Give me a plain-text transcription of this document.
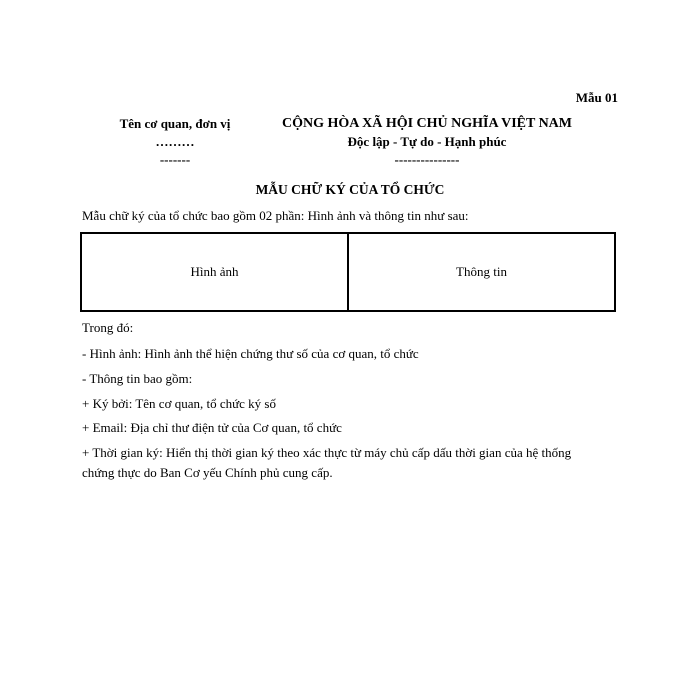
Mẫu 01
Tên cơ quan, đơn vị
………
-------
CỘNG HÒA XÃ HỘI CHỦ NGHĨA VIỆT NAM
Độc lập - Tự do - Hạnh phúc
---------------
MẪU CHỮ KÝ CỦA TỔ CHỨC
Mẫu chữ ký của tổ chức bao gồm 02 phần: Hình ảnh và thông tin như sau:
Hình ảnh	Thông tin
Trong đó:
- Hình ảnh: Hình ảnh thể hiện chứng thư số của cơ quan, tổ chức
- Thông tin bao gồm:
+ Ký bởi: Tên cơ quan, tổ chức ký số
+ Email: Địa chỉ thư điện tử của Cơ quan, tổ chức
+ Thời gian ký: Hiển thị thời gian ký theo xác thực từ máy chủ cấp dấu thời gian của hệ thống
chứng thực do Ban Cơ yếu Chính phủ cung cấp.
